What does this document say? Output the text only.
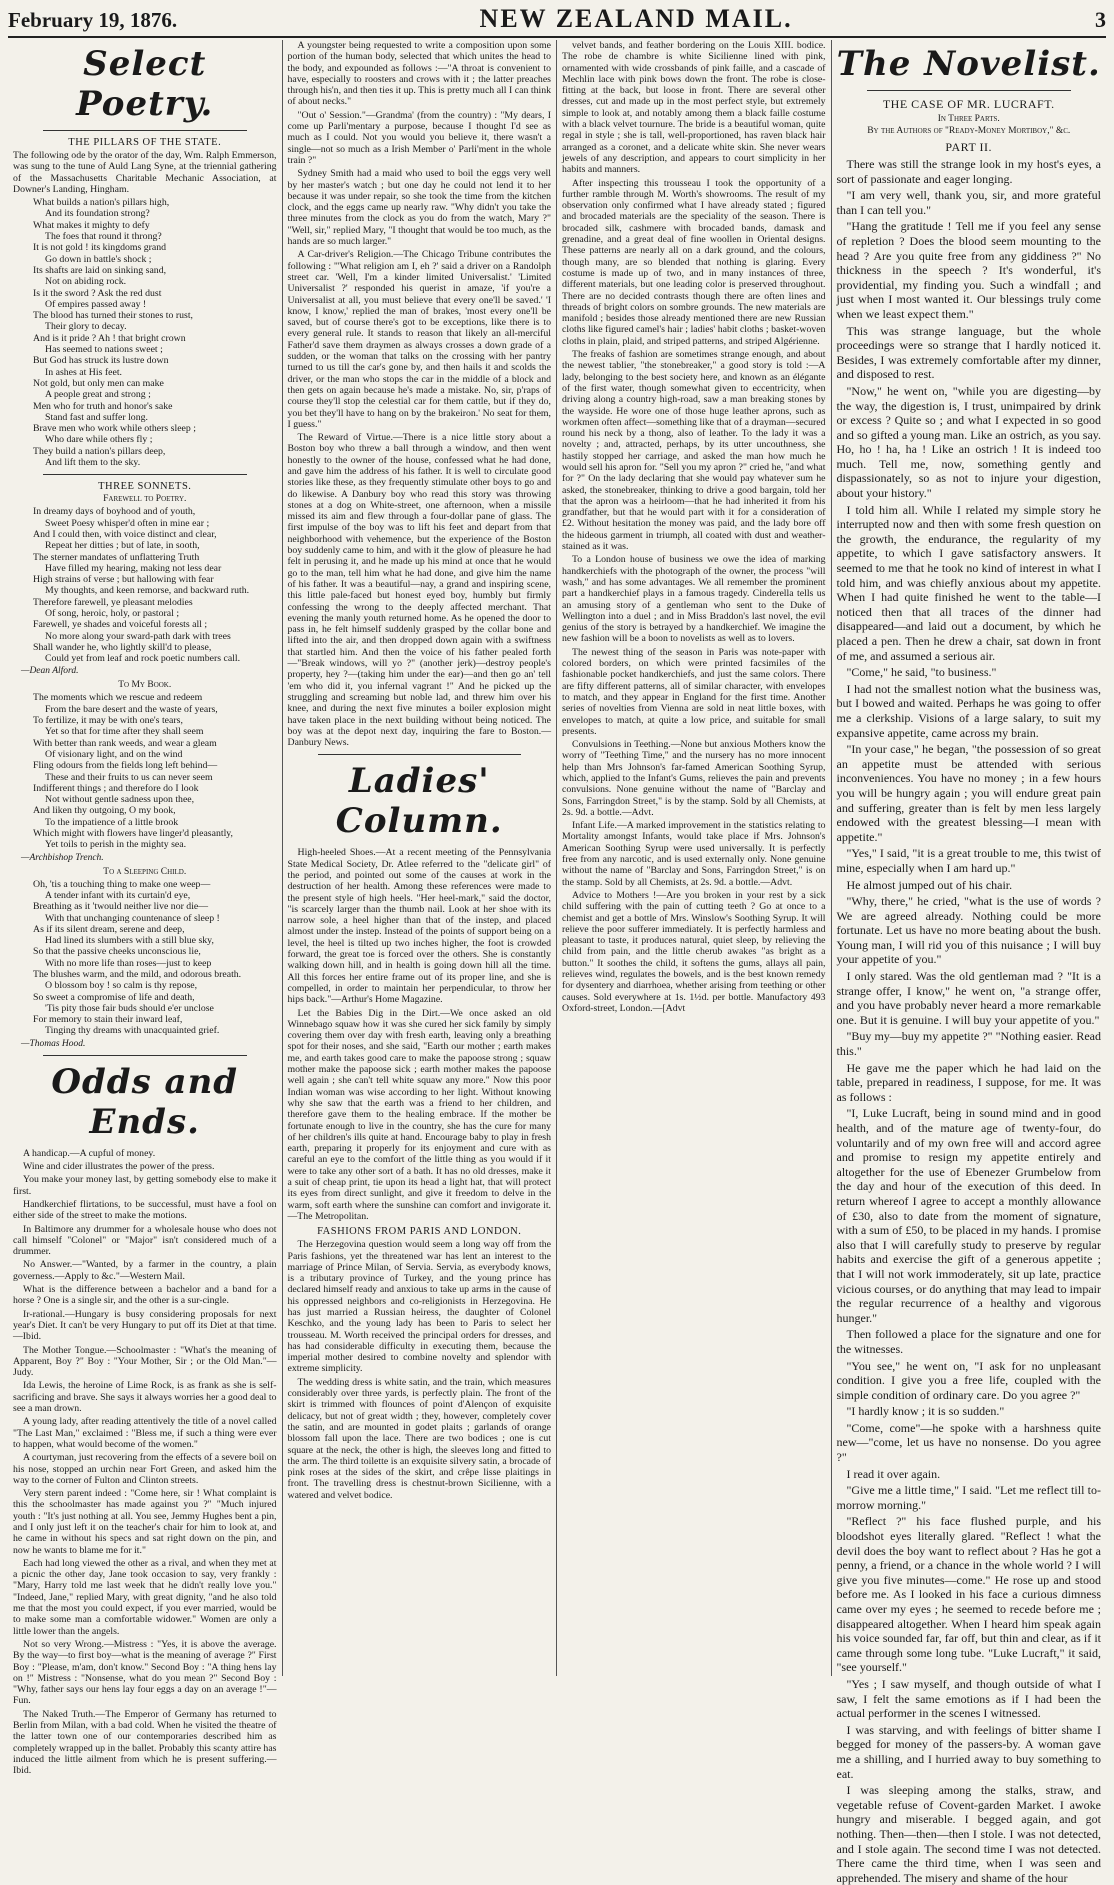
February 19, 1876.	NEW ZEALAND MAIL.	3
Select Poetry.
THE PILLARS OF THE STATE.

The following ode by the orator of the day, Wm. Ralph Emmerson, was sung to the tune of Auld Lang Syne, at the triennial gathering of the Massachusetts Charitable Mechanic Association, at Downer's Landing, Hingham.

What builds a nation's pillars high,
And its foundation strong?
What makes it mighty to defy
The foes that round it throng?
It is not gold ! its kingdoms grand
Go down in battle's shock ;
Its shafts are laid on sinking sand,
Not on abiding rock.
Is it the sword ? Ask the red dust
Of empires passed away !
The blood has turned their stones to rust,
Their glory to decay.
And is it pride ? Ah ! that bright crown
Has seemed to nations sweet ;
But God has struck its lustre down
In ashes at His feet.
Not gold, but only men can make
A people great and strong ;
Men who for truth and honor's sake
Stand fast and suffer long.
Brave men who work while others sleep ;
Who dare while others fly ;
They build a nation's pillars deep,
And lift them to the sky.
THREE SONNETS.
Farewell to Poetry.
In dreamy days of boyhood and of youth,
Sweet Poesy whisper'd often in mine ear ;
And I could then, with voice distinct and clear,
Repeat her ditties ; but of late, in sooth,
The sterner mandates of unflattering Truth
Have filled my hearing, making not less dear
High strains of verse ; but hallowing with fear
My thoughts, and keen remorse, and backward ruth.
Therefore farewell, ye pleasant melodies
Of song, heroic, holy, or pastoral ;
Farewell, ye shades and voiceful forests all ;
No more along your sward-path dark with trees
Shall wander he, who lightly skill'd to please,
Could yet from leaf and rock poetic numbers call.
—Dean Alford.
To My Book.
The moments which we rescue and redeem
From the bare desert and the waste of years,
To fertilize, it may be with one's tears,
Yet so that for time after they shall seem
With better than rank weeds, and wear a gleam
Of visionary light, and on the wind
Fling odours from the fields long left behind—
These and their fruits to us can never seem
Indifferent things ; and therefore do I look
Not without gentle sadness upon thee,
And liken thy outgoing, O my book,
To the impatience of a little brook
Which might with flowers have linger'd pleasantly,
Yet toils to perish in the mighty sea.
—Archbishop Trench.
To a Sleeping Child.
Oh, 'tis a touching thing to make one weep—
A tender infant with its curtain'd eye,
Breathing as it 'twould neither live nor die—
With that unchanging countenance of sleep !
As if its silent dream, serene and deep,
Had lined its slumbers with a still blue sky,
So that the passive cheeks unconscious lie,
With no more life than roses—just to keep
The blushes warm, and the mild, and odorous breath.
O blossom boy ! so calm is thy repose,
So sweet a compromise of life and death,
'Tis pity those fair buds should e'er unclose
For memory to stain their inward leaf,
Tinging thy dreams with unacquainted grief.
—Thomas Hood.
Odds and Ends.

A handicap.—A cupful of money.

Wine and cider illustrates the power of the press.

You make your money last, by getting somebody else to make it first.

Handkerchief flirtations, to be successful, must have a fool on either side of the street to make the motions.

In Baltimore any drummer for a wholesale house who does not call himself "Colonel" or "Major" isn't considered much of a drummer.

No Answer.—"Wanted, by a farmer in the country, a plain governess.—Apply to &c."—Western Mail.

What is the difference between a bachelor and a band for a horse ? One is a single sir, and the other is a sur-cingle.

Ir-rational.—Hungary is busy considering proposals for next year's Diet. It can't be very Hungary to put off its Diet at that time.—Ibid.

The Mother Tongue.—Schoolmaster : "What's the meaning of Apparent, Boy ?" Boy : "Your Mother, Sir ; or the Old Man."—Judy.

Ida Lewis, the heroine of Lime Rock, is as frank as she is self-sacrificing and brave. She says it always worries her a good deal to see a man drown.

A young lady, after reading attentively the title of a novel called "The Last Man," exclaimed : "Bless me, if such a thing were ever to happen, what would become of the women."

A courtyman, just recovering from the effects of a severe boil on his nose, stopped an urchin near Fort Green, and asked him the way to the corner of Fulton and Clinton streets.

Very stern parent indeed : "Come here, sir ! What complaint is this the schoolmaster has made against you ?" "Much injured youth : "It's just nothing at all. You see, Jemmy Hughes bent a pin, and I only just left it on the teacher's chair for him to look at, and he came in without his specs and sat right down on the pin, and now he wants to blame me for it."

Each had long viewed the other as a rival, and when they met at a picnic the other day, Jane took occasion to say, very frankly : "Mary, Harry told me last week that he didn't really love you." "Indeed, Jane," replied Mary, with great dignity, "and he also told me that the most you could expect, if you ever married, would be to make some man a comfortable widower." Women are only a little lower than the angels.

Not so very Wrong.—Mistress : "Yes, it is above the average. By the way—to first boy—what is the meaning of average ?" First Boy : "Please, m'am, don't know." Second Boy : "A thing hens lay on !" Mistress : "Nonsense, what do you mean ?" Second Boy : "Why, father says our hens lay four eggs a day on an average !"—Fun.

The Naked Truth.—The Emperor of Germany has returned to Berlin from Milan, with a bad cold. When he visited the theatre of the latter town one of our contemporaries described him as completely wrapped up in the ballet. Probably this scanty attire has induced the little ailment from which he is present suffering.—Ibid.

A youngster being requested to write a composition upon some portion of the human body, selected that which unites the head to the body, and expounded as follows :—"A throat is convenient to have, especially to roosters and crows with it ; the latter preaches through his'n, and then ties it up. This is pretty much all I can think of about necks."

"Out o' Session."—Grandma' (from the country) : "My dears, I come up Parli'mentary a purpose, because I thought I'd see as much as I could. Not you would you believe it, there wasn't a single—not so much as a Irish Member o' Parli'ment in the whole train ?"

Sydney Smith had a maid who used to boil the eggs very well by her master's watch ; but one day he could not lend it to her because it was under repair, so she took the time from the kitchen clock, and the eggs came up nearly raw. "Why didn't you take the three minutes from the clock as you do from the watch, Mary ?" "Well, sir," replied Mary, "I thought that would be too much, as the hands are so much larger."

A Car-driver's Religion.—The Chicago Tribune contributes the following : "'What religion am I, eh ?' said a driver on a Randolph street car. 'Well, I'm a kinder limited Universalist.' 'Limited Universalist ?' responded his querist in amaze, 'if you're a Universalist at all, you must believe that every one'll be saved.' 'I know, I know,' replied the man of brakes, 'most every one'll be saved, but of course there's got to be exceptions, like there is to every general rule. It stands to reason that likely an all-merciful Father'd save them draymen as always crosses a down grade of a sudden, or the woman that talks on the crossing with her pantry turned to us till the car's gone by, and then hails it and scolds the driver, or the man who stops the car in the middle of a block and then gets on again because he's made a mistake. No, sir, p'raps of course they'll stop the celestial car for them cattle, but if they do, you bet they'll have to hang on by the brakeiron.' No seat for them, I guess."

The Reward of Virtue.—There is a nice little story about a Boston boy who threw a ball through a window, and then went honestly to the owner of the house, confessed what he had done, and gave him the address of his father. It is well to circulate good stories like these, as they frequently stimulate other boys to go and do likewise. A Danbury boy who read this story was throwing stones at a dog on White-street, one afternoon, when a missile missed its aim and flew through a four-dollar pane of glass. The first impulse of the boy was to lift his feet and depart from that neighborhood with vehemence, but the experience of the Boston boy suddenly came to him, and with it the glow of pleasure he had felt in perusing it, and he made up his mind at once that he would go to the man, tell him what he had done, and give him the name of his father. It was a beautiful—nay, a grand and inspiring scene, this little pale-faced but honest eyed boy, humbly but firmly confessing the wrong to the deeply affected merchant. That evening the manly youth returned home. As he opened the door to pass in, he felt himself suddenly grasped by the collar bone and lifted into the air, and then dropped down again with a swiftness that startled him. And then the voice of his father pealed forth—"Break windows, will yo ?" (another jerk)—destroy people's property, hey ?—(taking him under the ear)—and then go an' tell 'em who did it, you infernal vagrant !" And he picked up the struggling and screaming but noble lad, and threw him over his knee, and during the next five minutes a boiler explosion might have taken place in the next building without being noticed. The boy was at the depot next day, inquiring the fare to Boston.—Danbury News.

Ladies' Column.

High-heeled Shoes.—At a recent meeting of the Pennsylvania State Medical Society, Dr. Atlee referred to the "delicate girl" of the period, and pointed out some of the causes at work in the destruction of her health. Among these references were made to the present style of high heels. "Her heel-mark," said the doctor, "is scarcely larger than the thumb nail. Look at her shoe with its narrow sole, a heel higher than that of the instep, and placed almost under the instep. Instead of the points of support being on a level, the heel is tilted up two inches higher, the foot is crowded forward, the great toe is forced over the others. She is constantly walking down hill, and in health is going down hill all the time. All this forces her entire frame out of its proper line, and she is compelled, in order to maintain her perpendicular, to throw her hips back."—Arthur's Home Magazine.

Let the Babies Dig in the Dirt.—We once asked an old Winnebago squaw how it was she cured her sick family by simply covering them over day with fresh earth, leaving only a breathing spot for their noses, and she said, "Earth our mother ; earth makes me, and earth takes good care to make the papoose strong ; squaw mother make the papoose sick ; earth mother makes the papoose well again ; she can't tell white squaw any more." Now this poor Indian woman was wise according to her light. Without knowing why she saw that the earth was a friend to her children, and therefore gave them to the healing embrace. If the mother be fortunate enough to live in the country, she has the cure for many of her children's ills quite at hand. Encourage baby to play in fresh earth, preparing it properly for its enjoyment and cure with as careful an eye to the comfort of the little thing as you would if it were to take any other sort of a bath. It has no old dresses, make it a suit of cheap print, tie upon its head a light hat, that will protect its eyes from direct sunlight, and give it freedom to delve in the warm, soft earth where the sunshine can comfort and invigorate it.—The Metropolitan.

FASHIONS FROM PARIS AND LONDON.

The Herzegovina question would seem a long way off from the Paris fashions, yet the threatened war has lent an interest to the marriage of Prince Milan, of Servia. Servia, as everybody knows, is a tributary province of Turkey, and the young prince has declared himself ready and anxious to take up arms in the cause of his oppressed neighbors and co-religionists in Herzegovina. He has just married a Russian heiress, the daughter of Colonel Keschko, and the young lady has been to Paris to select her trousseau. M. Worth received the principal orders for dresses, and has had considerable difficulty in executing them, because the imperial mother desired to combine novelty and splendor with extreme simplicity.

The wedding dress is white satin, and the train, which measures considerably over three yards, is perfectly plain. The front of the skirt is trimmed with flounces of point d'Alençon of exquisite delicacy, but not of great width ; they, however, completely cover the satin, and are mounted in godet plaits ; garlands of orange blossom fall upon the lace. There are two bodices ; one is cut square at the neck, the other is high, the sleeves long and fitted to the arm. The third toilette is an exquisite silvery satin, a brocade of pink roses at the sides of the skirt, and crêpe lisse plaitings in front. The travelling dress is chestnut-brown Sicilienne, with a watered and velvet bodice.

velvet bands, and feather bordering on the Louis XIII. bodice. The robe de chambre is white Sicilienne lined with pink, ornamented with wide crossbands of pink faille, and a cascade of Mechlin lace with pink bows down the front. The robe is close-fitting at the back, but loose in front. There are several other dresses, cut and made up in the most perfect style, but extremely simple to look at, and notably among them a black faille costume with a black velvet tournure. The bride is a beautiful woman, quite regal in style ; she is tall, well-proportioned, has raven black hair arranged as a coronet, and a delicate white skin. She never wears jewels of any description, and appears to court simplicity in her habits and manners.

After inspecting this trousseau I took the opportunity of a further ramble through M. Worth's showrooms. The result of my observation only confirmed what I have already stated ; figured and brocaded materials are the speciality of the season. There is brocaded silk, cashmere with brocaded bands, damask and grenadine, and a great deal of fine woollen in Oriental designs. These patterns are nearly all on a dark ground, and the colours, though many, are so blended that nothing is glaring. Every costume is made up of two, and in many instances of three, different materials, but one leading color is preserved throughout. There are no decided contrasts though there are often lines and threads of bright colors on sombre grounds. The new materials are manifold ; besides those already mentioned there are new Russian cloths like figured camel's hair ; ladies' habit cloths ; basket-woven cloths in plain, plaid, and striped patterns, and striped Algérienne.

The freaks of fashion are sometimes strange enough, and about the newest tablier, "the stonebreaker," a good story is told :—A lady, belonging to the best society here, and known as an élégante of the first water, though somewhat given to eccentricity, when driving along a country high-road, saw a man breaking stones by the wayside. He wore one of those huge leather aprons, such as workmen often affect—something like that of a drayman—secured round his neck by a thong, also of leather. To the lady it was a novelty ; and, attracted, perhaps, by its utter uncouthness, she hastily stopped her carriage, and asked the man how much he would sell his apron for. "Sell you my apron ?" cried he, "and what for ?" On the lady declaring that she would pay whatever sum he asked, the stonebreaker, thinking to drive a good bargain, told her that the apron was a heirloom—that he had inherited it from his grandfather, but that he would part with it for a consideration of £2. Without hesitation the money was paid, and the lady bore off the hideous garment in triumph, all coated with dust and weather-stained as it was.

To a London house of business we owe the idea of marking handkerchiefs with the photograph of the owner, the process "will wash," and has some advantages. We all remember the prominent part a handkerchief plays in a famous tragedy. Cinderella tells us an amusing story of a gentleman who sent to the Duke of Wellington into a duel ; and in Miss Braddon's last novel, the evil genius of the story is betrayed by a handkerchief. We imagine the new fashion will be a boon to novelists as well as to lovers.

The newest thing of the season in Paris was note-paper with colored borders, on which were printed facsimiles of the fashionable pocket handkerchiefs, and just the same colors. There are fifty different patterns, all of similar character, with envelopes to match, and they appear in England for the first time. Another series of novelties from Vienna are sold in neat little boxes, with envelopes to match, at quite a low price, and suitable for small presents.

Convulsions in Teething.—None but anxious Mothers know the worry of "Teething Time," and the nursery has no more innocent help than Mrs Johnson's far-famed American Soothing Syrup, which, applied to the Infant's Gums, relieves the pain and prevents convulsions. None genuine without the name of "Barclay and Sons, Farringdon Street," is by the stamp. Sold by all Chemists, at 2s. 9d. a bottle.—Advt.

Infant Life.—A marked improvement in the statistics relating to Mortality amongst Infants, would take place if Mrs. Johnson's American Soothing Syrup were used universally. It is perfectly free from any narcotic, and is used externally only. None genuine without the name of "Barclay and Sons, Farringdon Street," is on the stamp. Sold by all Chemists, at 2s. 9d. a bottle.—Advt.

Advice to Mothers !—Are you broken in your rest by a sick child suffering with the pain of cutting teeth ? Go at once to a chemist and get a bottle of Mrs. Winslow's Soothing Syrup. It will relieve the poor sufferer immediately. It is perfectly harmless and pleasant to taste, it produces natural, quiet sleep, by relieving the child from pain, and the little cherub awakes "as bright as a button." It soothes the child, it softens the gums, allays all pain, relieves wind, regulates the bowels, and is the best known remedy for dysentery and diarrhoea, whether arising from teething or other causes. Sold everywhere at 1s. 1½d. per bottle. Manufactory 493 Oxford-street, London.—[Advt

The Novelist.
THE CASE OF MR. LUCRAFT.
In Three Parts.
By the Authors of "Ready-Money Mortiboy," &c.
PART II.

There was still the strange look in my host's eyes, a sort of passionate and eager longing.

"I am very well, thank you, sir, and more grateful than I can tell you."

"Hang the gratitude ! Tell me if you feel any sense of repletion ? Does the blood seem mounting to the head ? Are you quite free from any giddiness ?" No thickness in the speech ? It's wonderful, it's providential, my finding you. Such a windfall ; and just when I most wanted it. Our blessings truly come when we least expect them."

This was strange language, but the whole proceedings were so strange that I hardly noticed it. Besides, I was extremely comfortable after my dinner, and disposed to rest.

"Now," he went on, "while you are digesting—by the way, the digestion is, I trust, unimpaired by drink or excess ? Quite so ; and what I expected in so good and so gifted a young man. Like an ostrich, as you say. Ho, ho ! ha, ha ! Like an ostrich ! It is indeed too much. Tell me, now, something gently and dispassionately, so as not to injure your digestion, about your history."

I told him all. While I related my simple story he interrupted now and then with some fresh question on the growth, the endurance, the regularity of my appetite, to which I gave satisfactory answers. It seemed to me that he took no kind of interest in what I told him, and was chiefly anxious about my appetite. When I had quite finished he went to the table—I noticed then that all traces of the dinner had disappeared—and laid out a document, by which he placed a pen. Then he drew a chair, sat down in front of me, and assumed a serious air.

"Come," he said, "to business."

I had not the smallest notion what the business was, but I bowed and waited. Perhaps he was going to offer me a clerkship. Visions of a large salary, to suit my expansive appetite, came across my brain.

"In your case," he began, "the possession of so great an appetite must be attended with serious inconveniences. You have no money ; in a few hours you will be hungry again ; you will endure great pain and suffering, greater than is felt by men less largely endowed with the greatest blessing—I mean with appetite."

"Yes," I said, "it is a great trouble to me, this twist of mine, especially when I am hard up."

He almost jumped out of his chair.

"Why, there," he cried, "what is the use of words ? We are agreed already. Nothing could be more fortunate. Let us have no more beating about the bush. Young man, I will rid you of this nuisance ; I will buy your appetite of you."

I only stared. Was the old gentleman mad ? "It is a strange offer, I know," he went on, "a strange offer, and you have probably never heard a more remarkable one. But it is genuine. I will buy your appetite of you."

"Buy my—buy my appetite ?" "Nothing easier. Read this."

He gave me the paper which he had laid on the table, prepared in readiness, I suppose, for me. It was as follows :

"I, Luke Lucraft, being in sound mind and in good health, and of the mature age of twenty-four, do voluntarily and of my own free will and accord agree and promise to resign my appetite entirely and altogether for the use of Ebenezer Grumbelow from the day and hour of the execution of this deed. In return whereof I agree to accept a monthly allowance of £30, also to date from the moment of signature, with a sum of £50, to be placed in my hands. I promise also that I will carefully study to preserve by regular habits and exercise the gift of a generous appetite ; that I will not work immoderately, sit up late, practice vicious courses, or do anything that may lead to impair the regular recurrence of a healthy and vigorous hunger."

Then followed a place for the signature and one for the witnesses.

"You see," he went on, "I ask for no unpleasant condition. I give you a free life, coupled with the simple condition of ordinary care. Do you agree ?"

"I hardly know ; it is so sudden."

"Come, come"—he spoke with a harshness quite new—"come, let us have no nonsense. Do you agree ?"

I read it over again.

"Give me a little time," I said. "Let me reflect till to-morrow morning."

"Reflect ?" his face flushed purple, and his bloodshot eyes literally glared. "Reflect ! what the devil does the boy want to reflect about ? Has he got a penny, a friend, or a chance in the whole world ? I will give you five minutes—come." He rose up and stood before me. As I looked in his face a curious dimness came over my eyes ; he seemed to recede before me ; disappeared altogether. When I heard him speak again his voice sounded far, far off, but thin and clear, as if it came through some long tube. "Luke Lucraft," it said, "see yourself."

"Yes ; I saw myself, and though outside of what I saw, I felt the same emotions as if I had been the actual performer in the scenes I witnessed.

I was starving, and with feelings of bitter shame I begged for money of the passers-by. A woman gave me a shilling, and I hurried away to buy something to eat.

I was sleeping among the stalks, straw, and vegetable refuse of Covent-garden Market. I awoke hungry and miserable. I begged again, and got nothing. Then—then—then I stole. I was not detected, and I stole again. The second time I was not detected. There came the third time, when I was seen and apprehended. The misery and shame of the hour
